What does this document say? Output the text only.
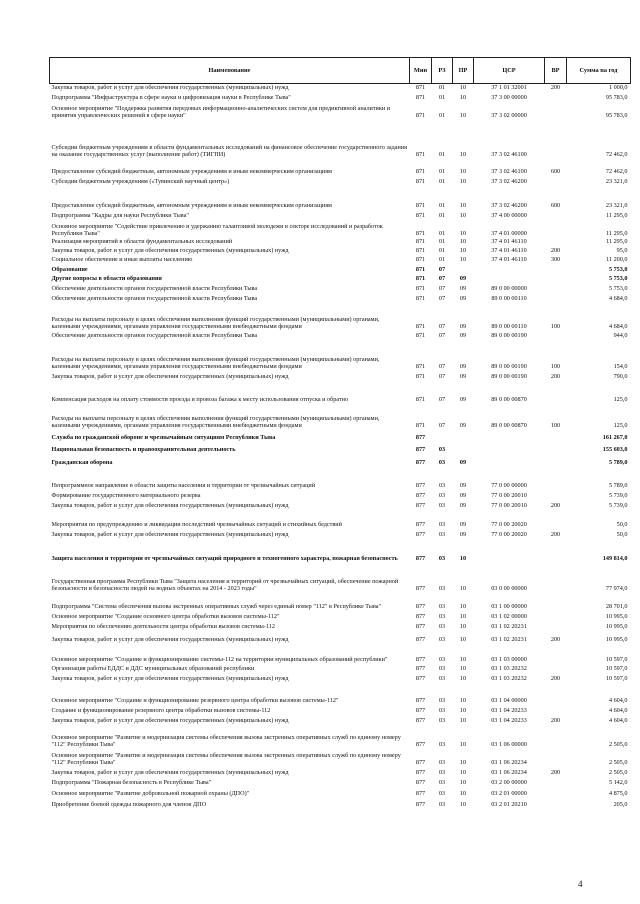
Наименование	Мин	РЗ	ПР	ЦСР	ВР	Сумма на год
Закупка товаров, работ и услуг для обеспечения государственных (муниципальных) нужд	871	01	10	37 1 01 32001	200	1 000,0
Подпрограмма "Инфраструктура в сфере науки и цифровизация науки в Республике Тыва"	871	01	10	37 3 00 00000		95 783,0
Основное мероприятие "Поддержка развития передовых информационно-аналитических систем для предиктивной аналитики и принятия управленческих решений в сфере науки"	871	01	10	37 3 02 00000		95 783,0
Субсидии бюджетным учреждениям в области фундаментальных исследований на финансовое обеспечение государственного задания на оказание государственных услуг (выполнение работ) (ТИГПИ)	871	01	10	37 3 02 46100		72 462,0
Предоставление субсидий бюджетным, автономным учреждениям и иным некоммерческим организациям	871	01	10	37 3 02 46100	600	72 462,0
Субсидии бюджетным учреждениям («Тувинский научный центр»)	871	01	10	37 3 02 46200		23 321,0
Предоставление субсидий бюджетным, автономным учреждениям и иным некоммерческим организациям	871	01	10	37 3 02 46200	600	23 321,0
Подпрограмма "Кадры для науки Республики Тыва"	871	01	10	37 4 00 00000		11 295,0
Основное мероприятие "Содействие привлечению и удержанию талантливой молодежи в секторе исследований и разработок Республики Тыва"	871	01	10	37 4 01 00000		11 295,0
Реализация мероприятий в области фундаментальных исследований	871	01	10	37 4 01 46110		11 295,0
Закупка товаров, работ и услуг для обеспечения государственных (муниципальных) нужд	871	01	10	37 4 01 46110	200	95,0
Социальное обеспечение и иные выплаты населению	871	01	10	37 4 01 46110	300	11 200,0
Образование	871	07				5 753,0
Другие вопросы в области образования	871	07	09			5 753,0
Обеспечение деятельности органов государственной власти Республики Тыва	871	07	09	89 0 00 00000		5 753,0
Обеспечение деятельности органов государственной власти Республики Тыва	871	07	09	89 0 00 00110		4 684,0
Расходы на выплаты персоналу в целях обеспечения выполнения функций государственными (муниципальными) органами, казенными учреждениями, органами управления государственными внебюджетными фондами	871	07	09	89 0 00 00110	100	4 684,0
Обеспечение деятельности органов государственной власти Республики Тыва	871	07	09	89 0 00 00190		944,0
Расходы на выплаты персоналу в целях обеспечения выполнения функций государственными (муниципальными) органами, казенными учреждениями, органами управления государственными внебюджетными фондами	871	07	09	89 0 00 00190	100	154,0
Закупка товаров, работ и услуг для обеспечения государственных (муниципальных) нужд	871	07	09	89 0 00 00190	200	790,0
Компенсация расходов на оплату стоимости проезда и провоза багажа к месту использования отпуска и обратно	871	07	09	89 0 00 00870		125,0
Расходы на выплаты персоналу в целях обеспечения выполнения функций государственными (муниципальными) органами, казенными учреждениями, органами управления государственными внебюджетными фондами	871	07	09	89 0 00 00870	100	125,0
Служба по гражданской обороне и чрезвычайным ситуациям Республики Тыва	877					161 267,0
Национальная безопасность и правоохранительная деятельность	877	03				155 603,0
Гражданская оборона	877	03	09			5 789,0
Непрограммное направление в области защиты населения и территории от чрезвычайных ситуаций	877	03	09	77 0 00 00000		5 789,0
Формирование государственного материального резерва	877	03	09	77 0 00 20010		5 739,0
Закупка товаров, работ и услуг для обеспечения государственных (муниципальных) нужд	877	03	09	77 0 00 20010	200	5 739,0
Мероприятия по предупреждению и ликвидации последствий чрезвычайных ситуаций и стихийных бедствий	877	03	09	77 0 00 20020		50,0
Закупка товаров, работ и услуг для обеспечения государственных (муниципальных) нужд	877	03	09	77 0 00 20020	200	50,0
Защита населения и территории от чрезвычайных ситуаций природного и техногенного характера, пожарная безопасность	877	03	10			149 814,0
Государственная программа Республики Тыва "Защита населения и территорий от чрезвычайных ситуаций, обеспечение пожарной безопасности и безопасности людей на водных объектах на 2014 - 2023 годы"	877	03	10	03 0 00 00000		77 974,0
Подпрограмма "Система обеспечения вызова экстренных оперативных служб через единый номер "112" в Республике Тыва"	877	03	10	03 1 00 00000		28 701,0
Основное мероприятие "Создание основного центра обработки вызовов системы-112"	877	03	10	03 1 02 00000		10 995,0
Мероприятия по обеспечению деятельности центра обработки вызовов системы-112	877	03	10	03 1 02 20231		10 995,0
Закупка товаров, работ и услуг для обеспечения государственных (муниципальных) нужд	877	03	10	03 1 02 20231	200	10 995,0
Основное мероприятие "Создание и функционирование системы-112 на территории муниципальных образований республики"	877	03	10	03 1 03 00000		10 597,0
Организация работы ЕДДС и ДДС муниципальных образований республики	877	03	10	03 1 03 20232		10 597,0
Закупка товаров, работ и услуг для обеспечения государственных (муниципальных) нужд	877	03	10	03 1 03 20232	200	10 597,0
Основное мероприятие "Создание и функционирование резервного центра обработки вызовов системы-112"	877	03	10	03 1 04 00000		4 604,0
Создание и функционирование резервного центра обработки вызовов системы-112	877	03	10	03 1 04 20233		4 604,0
Закупка товаров, работ и услуг для обеспечения государственных (муниципальных) нужд	877	03	10	03 1 04 20233	200	4 604,0
Основное мероприятие "Развитие и модернизация системы обеспечения вызова экстренных оперативных служб по единому номеру "112" Республики Тыва"	877	03	10	03 1 06 00000		2 505,0
Основное мероприятие "Развитие и модернизация системы обеспечения вызова экстренных оперативных служб по единому номеру "112" Республики Тыва"	877	03	10	03 1 06 20234		2 505,0
Закупка товаров, работ и услуг для обеспечения государственных (муниципальных) нужд	877	03	10	03 1 06 20234	200	2 505,0
Подпрограмма "Пожарная безопасность в Республике Тыва"	877	03	10	03 2 00 00000		5 142,0
Основное мероприятие "Развитие добровольной пожарной охраны (ДПО)"	877	03	10	03 2 01 00000		4 875,0
Приобретение боевой одежды пожарного для членов ДПО	877	03	10	03 2 01 20210		205,0
4
